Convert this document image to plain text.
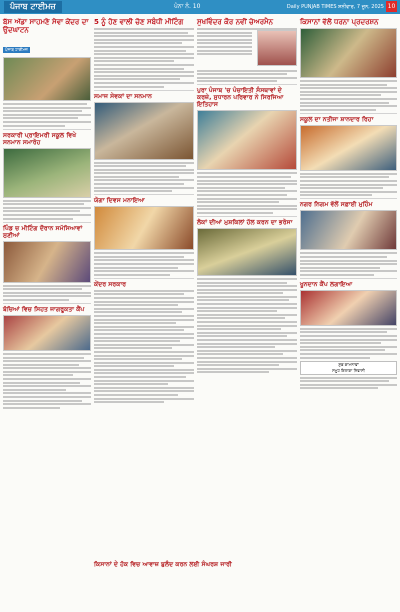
ਪੰਜਾਬ ਟਾਈਮਜ਼	ਪੰਨਾ ਨੰ. 10	Daily PUNJAB TIMES ਸ਼ਨੀਵਾਰ, 7 ਜੂਨ, 2025 10
ਬੱਸ ਅੱਡਾ ਸਾਹਮਣੇ ਸੇਵਾ ਕੇਂਦਰ ਦਾ ਉਦਘਾਟਨ
ਪੰਜਾਬ ਟਾਈਮਜ਼
ਸਰਕਾਰੀ ਪ੍ਰਾਇਮਰੀ ਸਕੂਲ ਵਿਖੇ ਸਨਮਾਨ ਸਮਾਰੋਹ
ਪਿੰਡ ਚ ਮੀਟਿੰਗ ਦੌਰਾਨ ਸਮੱਸਿਆਵਾਂ ਸੁਣੀਆਂ
ਬੱਚਿਆਂ ਵਿਚ ਸਿਹਤ ਜਾਗਰੂਕਤਾ ਕੈਂਪ
5 ਨੂੰ ਹੋਣ ਵਾਲੀ ਚੋਣ ਸਬੰਧੀ ਮੀਟਿੰਗ
ਸਮਾਜ ਸੇਵਕਾਂ ਦਾ ਸਨਮਾਨ
ਯੋਗਾ ਦਿਵਸ ਮਨਾਇਆ
ਕੇਂਦਰ ਸਰਕਾਰ
ਸੁਖਵਿੰਦਰ ਕੌਰ ਨਵੀਂ ਚੇਅਰਮੈਨ
ਪੁਰਾ ਪੰਜਾਬ 'ਚ ਪੰਚਾਇਤੀ ਸੰਸਥਾਵਾਂ ਦੇ ਕਰਜ਼ੇ, ਸੁਧਾਰਨ ਪਰਿਵਾਰ ਨੇ ਸਿਰਜਿਆ ਇਤਿਹਾਸ
ਲੋਕਾਂ ਦੀਆਂ ਮੁਸ਼ਕਿਲਾਂ ਹੱਲ ਕਰਨ ਦਾ ਭਰੋਸਾ
ਕਿਸਾਨਾਂ ਵੱਲੋਂ ਧਰਨਾ ਪ੍ਰਦਰਸ਼ਨ
ਸਕੂਲ ਦਾ ਨਤੀਜਾ ਸ਼ਾਨਦਾਰ ਰਿਹਾ
ਨਗਰ ਨਿਗਮ ਵੱਲੋਂ ਸਫ਼ਾਈ ਮੁਹਿੰਮ
ਖੂਨਦਾਨ ਕੈਂਪ ਲਗਾਇਆ
ਸ਼ੁਭ ਕਾਮਨਾਵਾਂ
ਸਮੂਹ ਇਲਾਕਾ ਨਿਵਾਸੀ
ਕਿਸਾਨਾਂ ਦੇ ਹੱਕ ਵਿਚ ਆਵਾਜ਼ ਬੁਲੰਦ ਕਰਨ ਲਈ ਸੰਘਰਸ਼ ਜਾਰੀ
